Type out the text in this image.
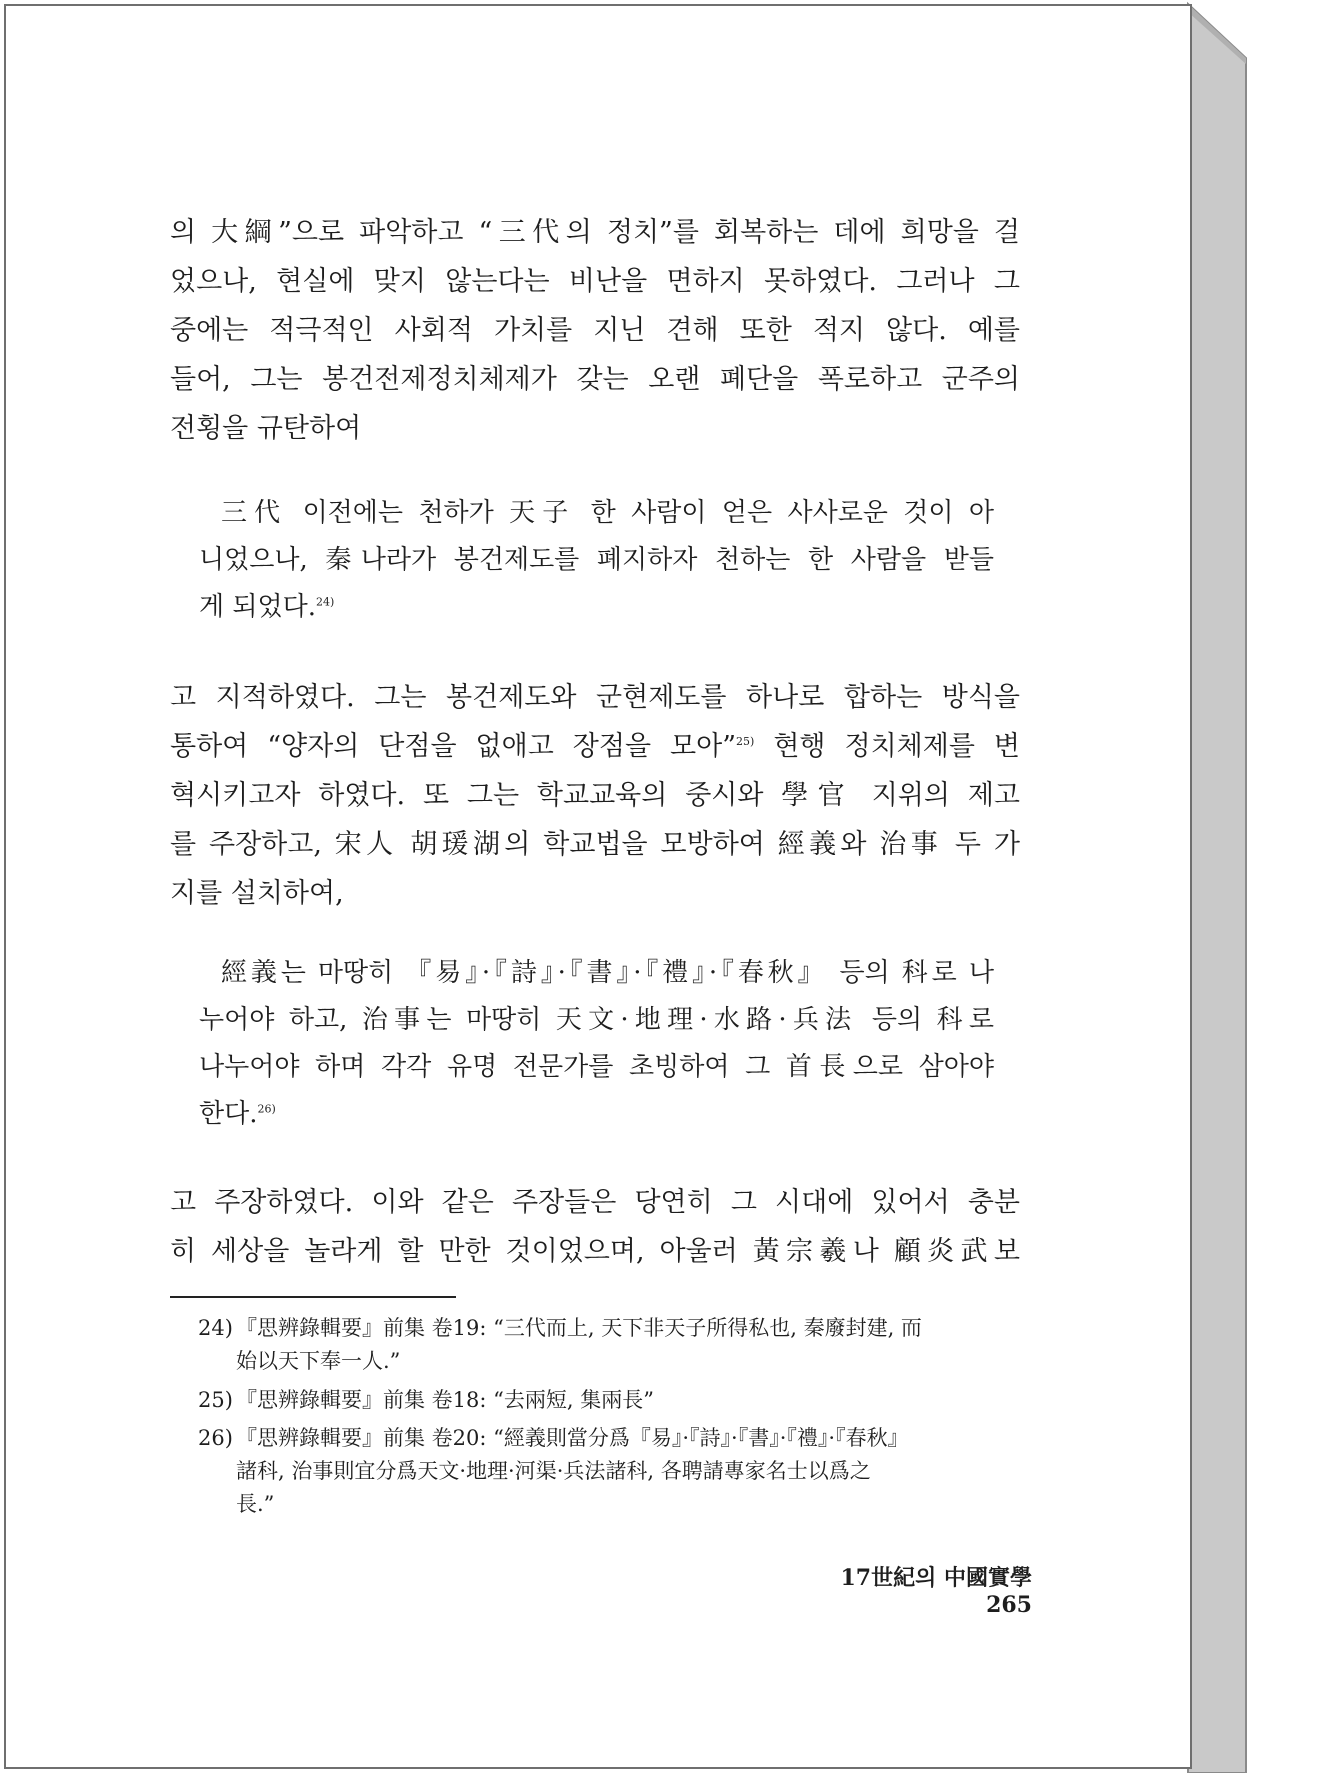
의 大綱”으로 파악하고 “三代의 정치”를 회복하는 데에 희망을 걸
었으나, 현실에 맞지 않는다는 비난을 면하지 못하였다. 그러나 그
중에는 적극적인 사회적 가치를 지닌 견해 또한 적지 않다. 예를
들어, 그는 봉건전제정치체제가 갖는 오랜 폐단을 폭로하고 군주의
전횡을 규탄하여

三代 이전에는 천하가 天子 한 사람이 얻은 사사로운 것이 아
니었으나, 秦나라가 봉건제도를 폐지하자 천하는 한 사람을 받들
게 되었다.$^{24)}$

고 지적하였다. 그는 봉건제도와 군현제도를 하나로 합하는 방식을
통하여 “양자의 단점을 없애고 장점을 모아”$^{25)}$ 현행 정치체제를 변
혁시키고자 하였다. 또 그는 학교교육의 중시와 學官 지위의 제고
를 주장하고, 宋人 胡瑗湖의 학교법을 모방하여 經義와 治事 두 가
지를 설치하여,

經義는 마땅히 『易』·『詩』·『書』·『禮』·『春秋』 등의 科로 나
누어야 하고, 治事는 마땅히 天文·地理·水路·兵法 등의 科로
나누어야 하며 각각 유명 전문가를 초빙하여 그 首長으로 삼아야
한다.$^{26)}$

고 주장하였다. 이와 같은 주장들은 당연히 그 시대에 있어서 충분
히 세상을 놀라게 할 만한 것이었으며, 아울러 黃宗羲나 顧炎武보

24) 『思辨錄輯要』前集 卷19: “三代而上, 天下非天子所得私也, 秦廢封建, 而
始以天下奉一人.”

25) 『思辨錄輯要』前集 卷18: “去兩短, 集兩長”

26) 『思辨錄輯要』前集 卷20: “經義則當分爲『易』·『詩』·『書』·『禮』·『春秋』
諸科, 治事則宜分爲天文·地理·河渠·兵法諸科, 各聘請專家名士以爲之
長.”

17世紀의 中國實學 265
